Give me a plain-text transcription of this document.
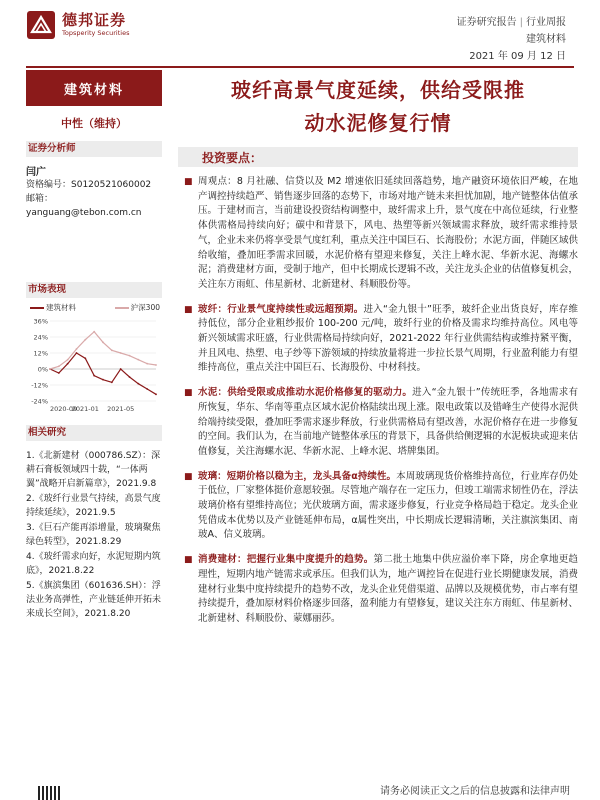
德邦证券
Topsperity Securities
证券研究报告 | 行业周报
建筑材料
2021 年 09 月 12 日
建筑材料
中性（维持）
证券分析师
闫广
资格编号：S0120521060002
邮箱：yanguang@tebon.com.cn
市场表现
建筑材料	沪深300
-24%
-12%
0%
12%
24%
36%
2020-09
2021-01 2021-05
相关研究
1.《北新建材（000786.SZ）：深耕石膏板领域四十载，“一体两翼”战略开启新篇章》，2021.9.8
2.《玻纤行业景气持续，高景气度持续延续》，2021.9.5
3.《巨石产能再添增量，玻璃聚焦绿色转型》，2021.8.29
4.《玻纤需求向好，水泥短期内筑底》，2021.8.22
5.《旗滨集团（601636.SH）：浮法业务高弹性，产业链延伸开拓未来成长空间》，2021.8.20
玻纤高景气度延续，供给受限推
动水泥修复行情
投资要点：
■ 周观点：8 月社融、信贷以及 M2 增速依旧延续回落趋势，地产融资环境依旧严峻，在地产调控持续趋严、销售逐步回落的态势下，市场对地产链未来担忧加剧，地产链整体估值承压。于建材而言，当前建设投资结构调整中，玻纤需求上升，景气度在中高位延续，行业整体供需格局持续向好；碳中和背景下，风电、热塑等新兴领域需求释放，玻纤需求维持景气，企业未来仍将享受景气度红利，重点关注中国巨石、长海股份；水泥方面，伴随区域供给收缩，叠加旺季需求回暖，水泥价格有望迎来修复，关注上峰水泥、华新水泥、海螺水泥；消费建材方面，受制于地产，但中长期成长逻辑不改，关注龙头企业的估值修复机会，关注东方雨虹、伟星新材、北新建材、科顺股份等。
■ 玻纤：行业景气度持续性或远超预期。进入“金九银十”旺季，玻纤企业出货良好，库存维持低位，部分企业粗纱报价 100-200 元/吨，玻纤行业的价格及需求均维持高位。风电等新兴领域需求旺盛，行业供需格局持续向好，2021-2022 年行业供需结构或维持紧平衡，并且风电、热塑、电子纱等下游领域的持续放量将进一步拉长景气周期，行业盈利能力有望维持高位，重点关注中国巨石、长海股份、中材科技。
■ 水泥：供给受限或成推动水泥价格修复的驱动力。进入“金九银十”传统旺季，各地需求有所恢复，华东、华南等重点区域水泥价格陆续出现上涨。限电政策以及错峰生产使得水泥供给端持续受限，叠加旺季需求逐步释放，行业供需格局有望改善，水泥价格存在进一步修复的空间。我们认为，在当前地产链整体承压的背景下，具备供给侧逻辑的水泥板块或迎来估值修复，关注海螺水泥、华新水泥、上峰水泥、塔牌集团。
■ 玻璃：短期价格以稳为主，龙头具备α持续性。本周玻璃现货价格维持高位，行业库存仍处于低位，厂家整体挺价意愿较强。尽管地产端存在一定压力，但竣工端需求韧性仍在，浮法玻璃价格有望维持高位；光伏玻璃方面，需求逐步修复，行业竞争格局趋于稳定。龙头企业凭借成本优势以及产业链延伸布局，α属性突出，中长期成长逻辑清晰，关注旗滨集团、南玻A、信义玻璃。
■ 消费建材：把握行业集中度提升的趋势。第二批土地集中供应溢价率下降，房企拿地更趋理性，短期内地产链需求或承压。但我们认为，地产调控旨在促进行业长期健康发展，消费建材行业集中度持续提升的趋势不改，龙头企业凭借渠道、品牌以及规模优势，市占率有望持续提升，叠加原材料价格逐步回落，盈利能力有望修复，建议关注东方雨虹、伟星新材、北新建材、科顺股份、蒙娜丽莎。
请务必阅读正文之后的信息披露和法律声明
